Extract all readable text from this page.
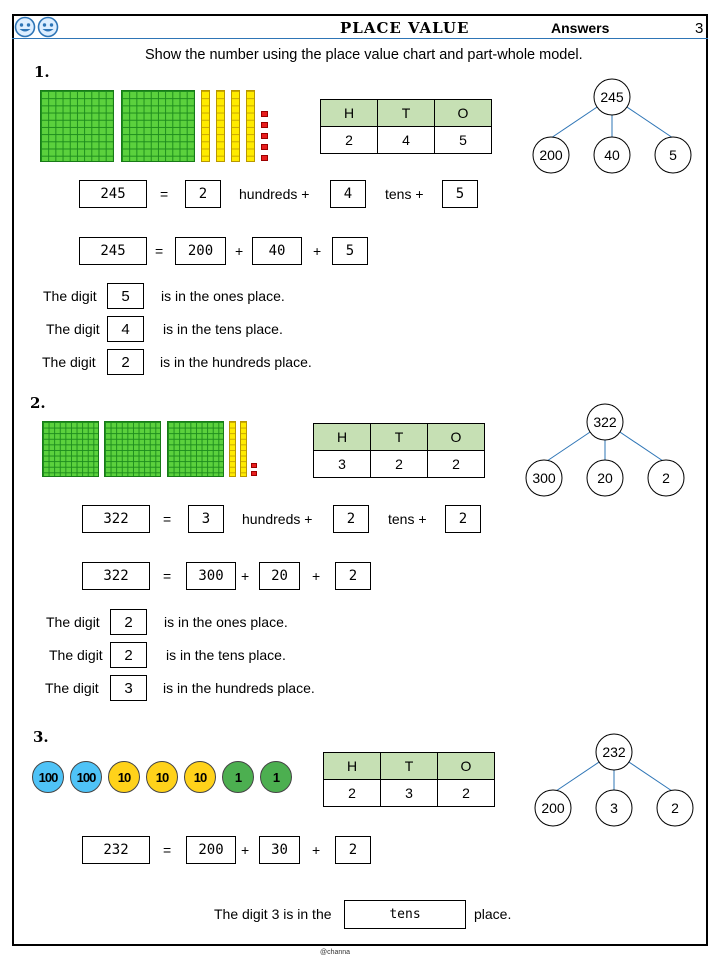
PLACE VALUE	Answers	3
Show the number using the place value chart and part-whole model.
1.
H	T	O
2	4	5
245
200	40	5
245	=	2	hundreds +	4	tens +	5
245	=	200	+	40	+	5
The digit	5	is in the ones place.
The digit	4	is in the tens place.
The digit	2	is in the hundreds place.
2.
H	T	O
3	2	2
322
300	20	2
322	=	3	hundreds +	2	tens +	2
322	=	300	+	20	+	2
The digit	2	is in the ones place.
The digit	2	is in the tens place.
The digit	3	is in the hundreds place.
3.
100	100	10	10	10	1	1
H	T	O
2	3	2
232
200	3	2
232	=	200	+	30	+	2
The digit 3 is in the	tens	place.
@channa
